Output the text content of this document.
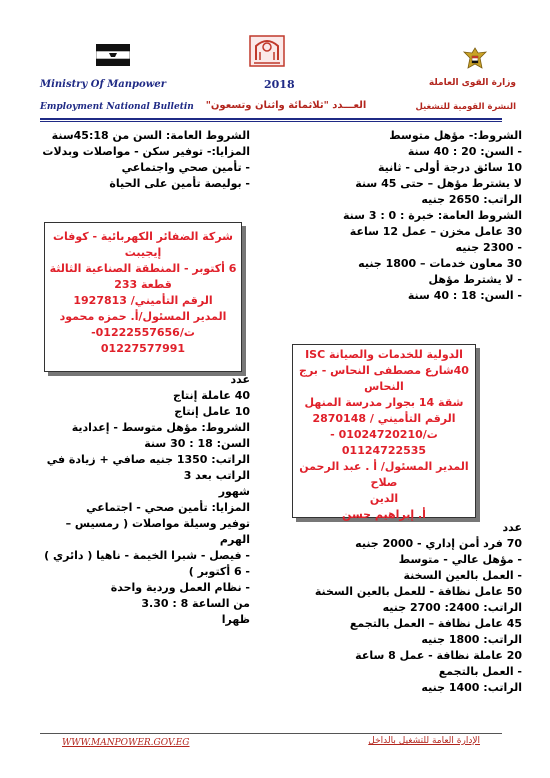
Ministry Of Manpower	2018	وزارة القوى العاملة
Employment National Bulletin	العـــدد "ثلاثمائة واثنان وتسعون"	النشرة القومية للتشغيل

الشروط:- مؤهل متوسط

- السن: 20 : 40 سنة

10 سائق درجة أولى - ثانية

لا يشترط مؤهل – حتى 45 سنة

الراتب: 2650 جنيه

الشروط العامة: خبرة : 0 : 3 سنة

30 عامل مخزن – عمل 12 ساعة

- 2300 جنيه

30 معاون خدمات – 1800 جنيه

- لا يشترط مؤهل

- السن: 18 : 40 سنة

الدولية للخدمات والصيانة ISC

40شارع مصطفى النحاس - برج

النحاس

شقة 14 بجوار مدرسة المنهل

الرقم التأميني / 2870148

ت/01024720210 -

01124722535

المدير المسئول/ أ . عبد الرحمن صلاح

الدين

أ. إبراهيم حسن

عدد

70 فرد أمن إداري - 2000 جنيه

- مؤهل عالي - متوسط

- العمل بالعين السخنة

50 عامل نظافة - للعمل بالعين السخنة

الراتب: 2400: 2700 جنيه

45 عامل نظافة – العمل بالتجمع

الراتب: 1800 جنيه

20 عاملة نظافة - عمل 8 ساعة

- العمل بالتجمع

الراتب: 1400 جنيه

الشروط العامة: السن من 45:18سنة

المزايا:- توفير سكن - مواصلات وبدلات

- تأمين صحي واجتماعي

- بوليصة تأمين على الحياة

شركة الضفائر الكهربائية - كوفات

إيجيبت

6 أكتوبر - المنطقة الصناعية الثالثة

قطعة 233

الرقم التأميني/ 1927813

المدير المسئول/أ. حمزه محمود

ت/01222557656-

01227577991

عدد

40 عاملة إنتاج

10 عامل إنتاج

الشروط: مؤهل متوسط - إعدادية

السن: 18 : 30 سنة

الراتب: 1350 جنيه صافي + زيادة في

الراتب بعد 3

شهور

المزايا: تأمين صحي - اجتماعي

توفير وسيلة مواصلات ( رمسيس –

الهرم

- فيصل - شبرا الخيمة - ناهيا ( دائري )

- 6 أكتوبر )

- نظام العمل وردية واحدة

من الساعة 8 : 3.30

ظهرا

WWW.MANPOWER.GOV.EG	الإدارة العامة للتشغيل بالداخل
